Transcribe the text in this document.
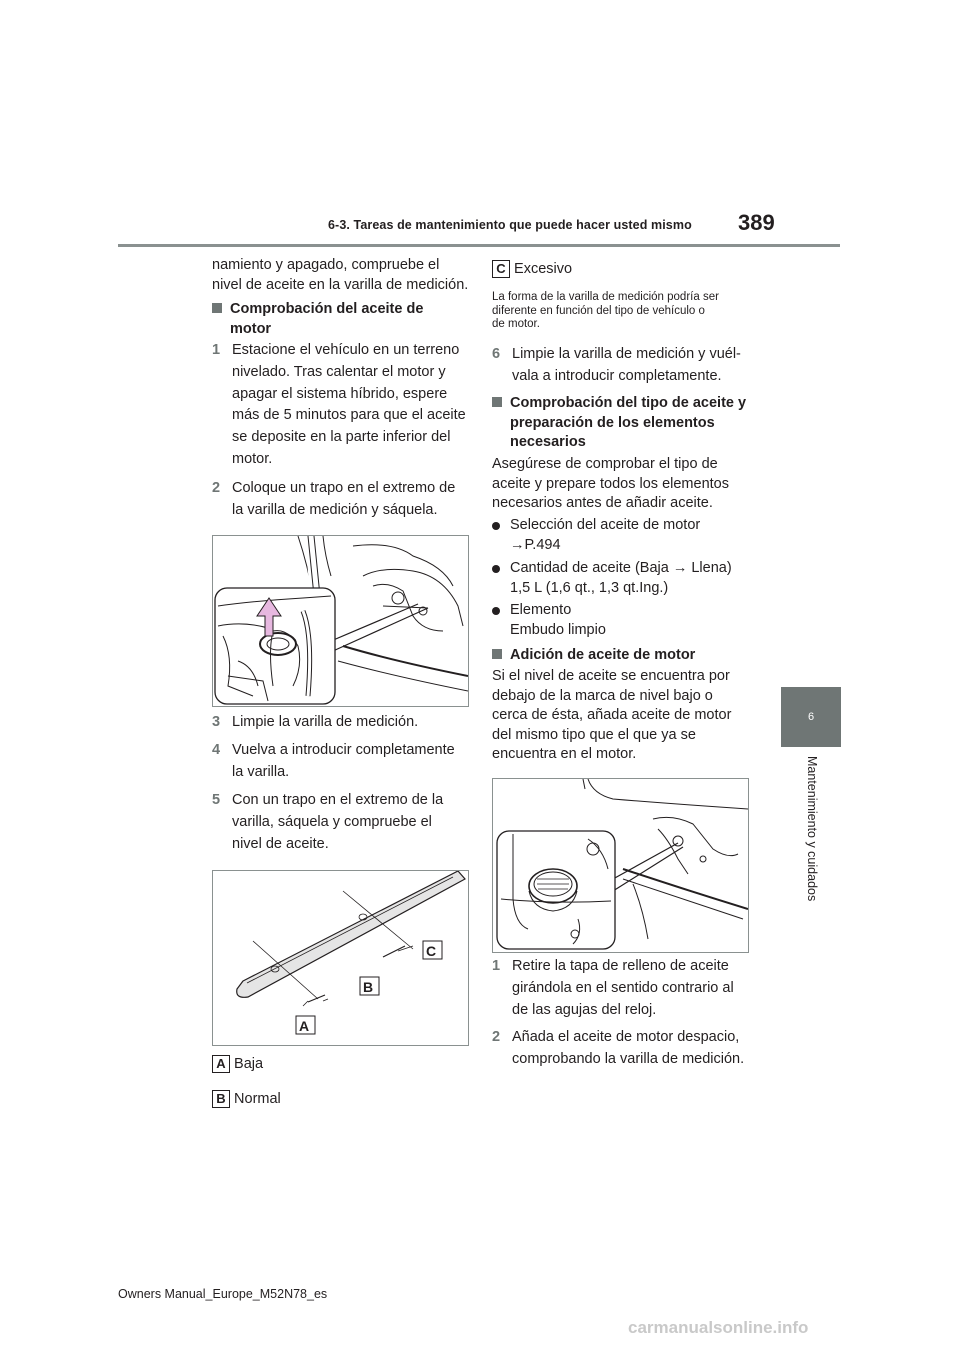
6-3. Tareas de mantenimiento que puede hacer usted mismo 389
6
Mantenimiento y cuidados
namiento y apagado, compruebe el
nivel de aceite en la varilla de medición.
Comprobación del aceite de
motor
1 Estacione el vehículo en un terreno
nivelado. Tras calentar el motor y
apagar el sistema híbrido, espere
más de 5 minutos para que el aceite
se deposite en la parte inferior del
motor.
2 Coloque un trapo en el extremo de
la varilla de medición y sáquela.
3 Limpie la varilla de medición.
4 Vuelva a introducir completamente
la varilla.
5 Con un trapo en el extremo de la
varilla, sáquela y compruebe el
nivel de aceite.
A
B
C
A Baja
B Normal
C Excesivo
La forma de la varilla de medición podría ser
diferente en función del tipo de vehículo o
de motor.
6 Limpie la varilla de medición y vuél-
vala a introducir completamente.
Comprobación del tipo de aceite y
preparación de los elementos
necesarios
Asegúrese de comprobar el tipo de
aceite y prepare todos los elementos
necesarios antes de añadir aceite.
Selección del aceite de motor
→P.494
Cantidad de aceite (Baja → Llena)
1,5 L (1,6 qt., 1,3 qt.Ing.)
Elemento
Embudo limpio
Adición de aceite de motor
Si el nivel de aceite se encuentra por
debajo de la marca de nivel bajo o
cerca de ésta, añada aceite de motor
del mismo tipo que el que ya se
encuentra en el motor.
1 Retire la tapa de relleno de aceite
girándola en el sentido contrario al
de las agujas del reloj.
2 Añada el aceite de motor despacio,
comprobando la varilla de medición.
Owners Manual_Europe_M52N78_es
carmanualsonline.info
